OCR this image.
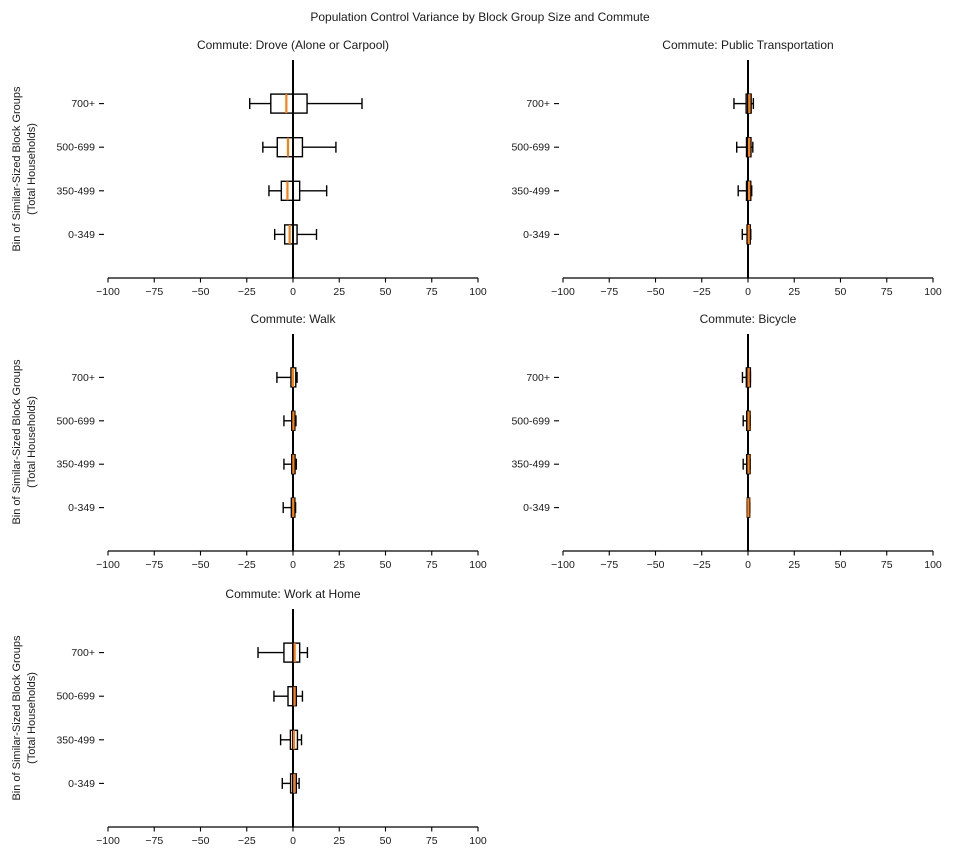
Population Control Variance by Block Group Size and Commute
Commute: Drove (Alone or Carpool)	Commute: Public Transportation
Commute: Walk	Commute: Bicycle
Commute: Work at Home
Bin of Similar-Sized Block Groups (Total Households)
Bin of Similar-Sized Block Groups (Total Households)
Bin of Similar-Sized Block Groups (Total Households)
−100 −75	−50	−25	0	25	50	75	100
700+
500-699
350-499
0-349
−100 −75	−50	−25	0	25	50	75	100
700+
500-699
350-499
0-349
−100 −75	−50	−25	0	25	50	75	100
700+
500-699
350-499
0-349
−100 −75	−50	−25	0	25	50	75	100
700+
500-699
350-499
0-349
−100 −75	−50	−25	0	25	50	75	100
700+
500-699
350-499
0-349
